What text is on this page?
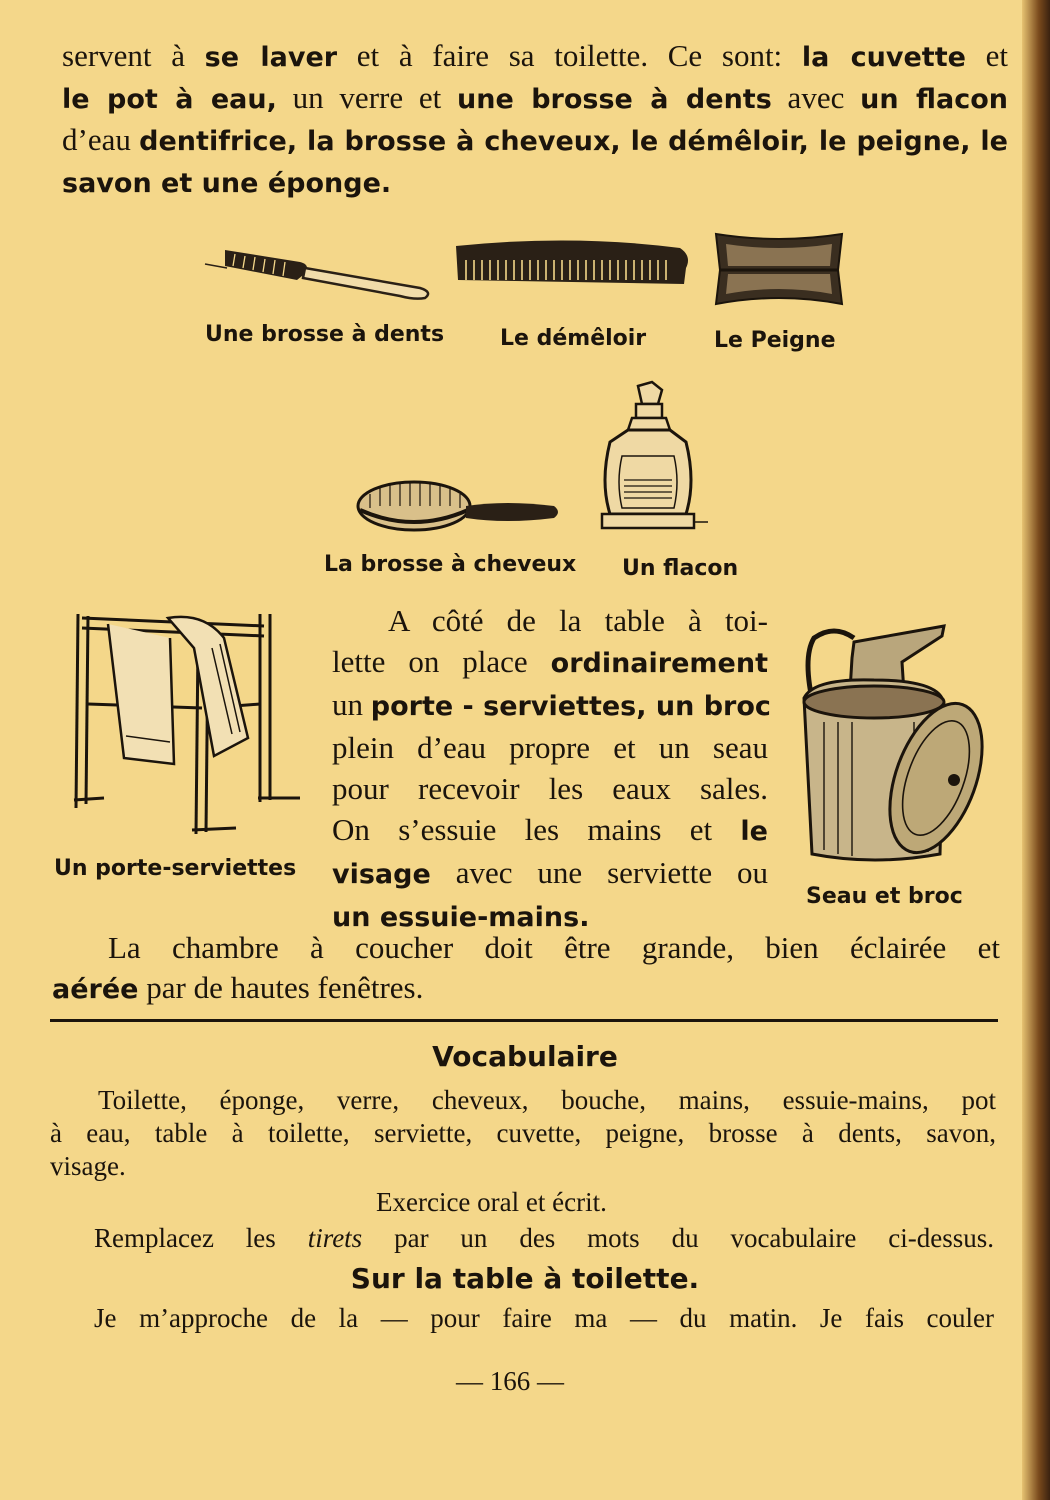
servent à se laver et à faire sa toilette. Ce sont: la cuvette et
le pot à eau, un verre et une brosse à dents avec un flacon
d’eau dentifrice, la brosse à cheveux, le démêloir, le peigne, le
savon et une éponge.
Une brosse à dents	Le démêloir	Le Peigne
La brosse à cheveux Un flacon
Un porte-serviettes
Seau et broc
A côté de la table à toi-
lette on place ordinairement
un porte - serviettes, un broc
plein d’eau propre et un seau
pour recevoir les eaux sales.
On s’essuie les mains et le
visage avec une serviette ou
un essuie-mains.
La chambre à coucher doit être grande, bien éclairée et
aérée par de hautes fenêtres.
Vocabulaire
Toilette, éponge, verre, cheveux, bouche, mains, essuie-mains, pot
à eau, table à toilette, serviette, cuvette, peigne, brosse à dents, savon,
visage.
Exercice oral et écrit.
Remplacez les tirets par un des mots du vocabulaire ci-dessus.
Sur la table à toilette.
Je m’approche de la — pour faire ma — du matin. Je fais couler
— 166 —
